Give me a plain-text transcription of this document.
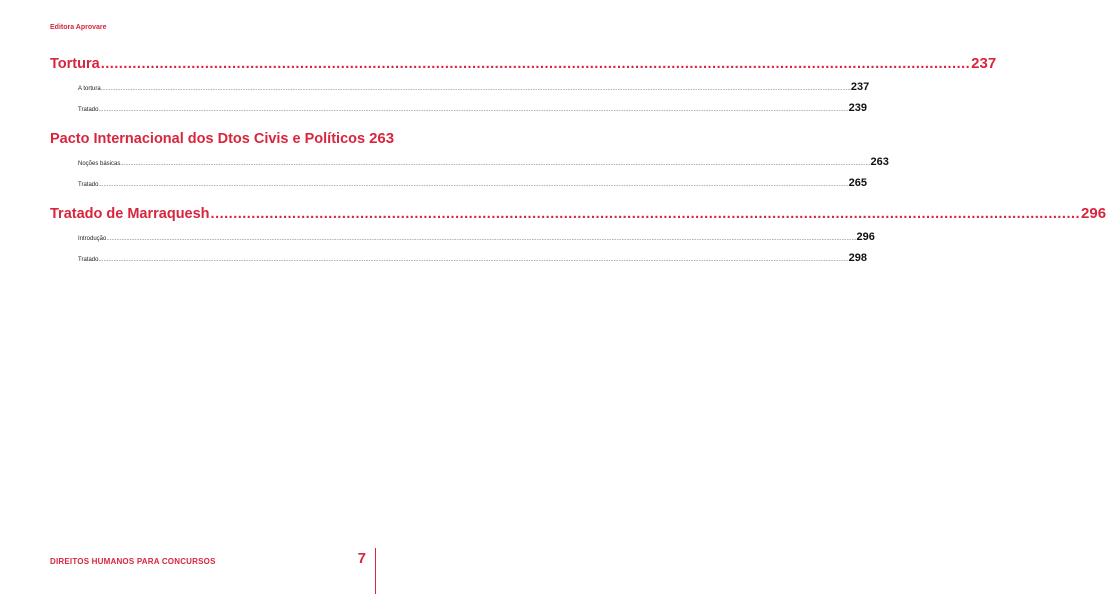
Editora Aprovare
Tortura .....	237
A tortura .....	237
Tratado .....	239
Pacto Internacional dos Dtos Civis e Políticos 263
Noções básicas .....	263
Tratado .....	265
Tratado de Marraquesh .....	296
Introdução .....	296
Tratado .....	298
DIREITOS HUMANOS PARA CONCURSOS	7
